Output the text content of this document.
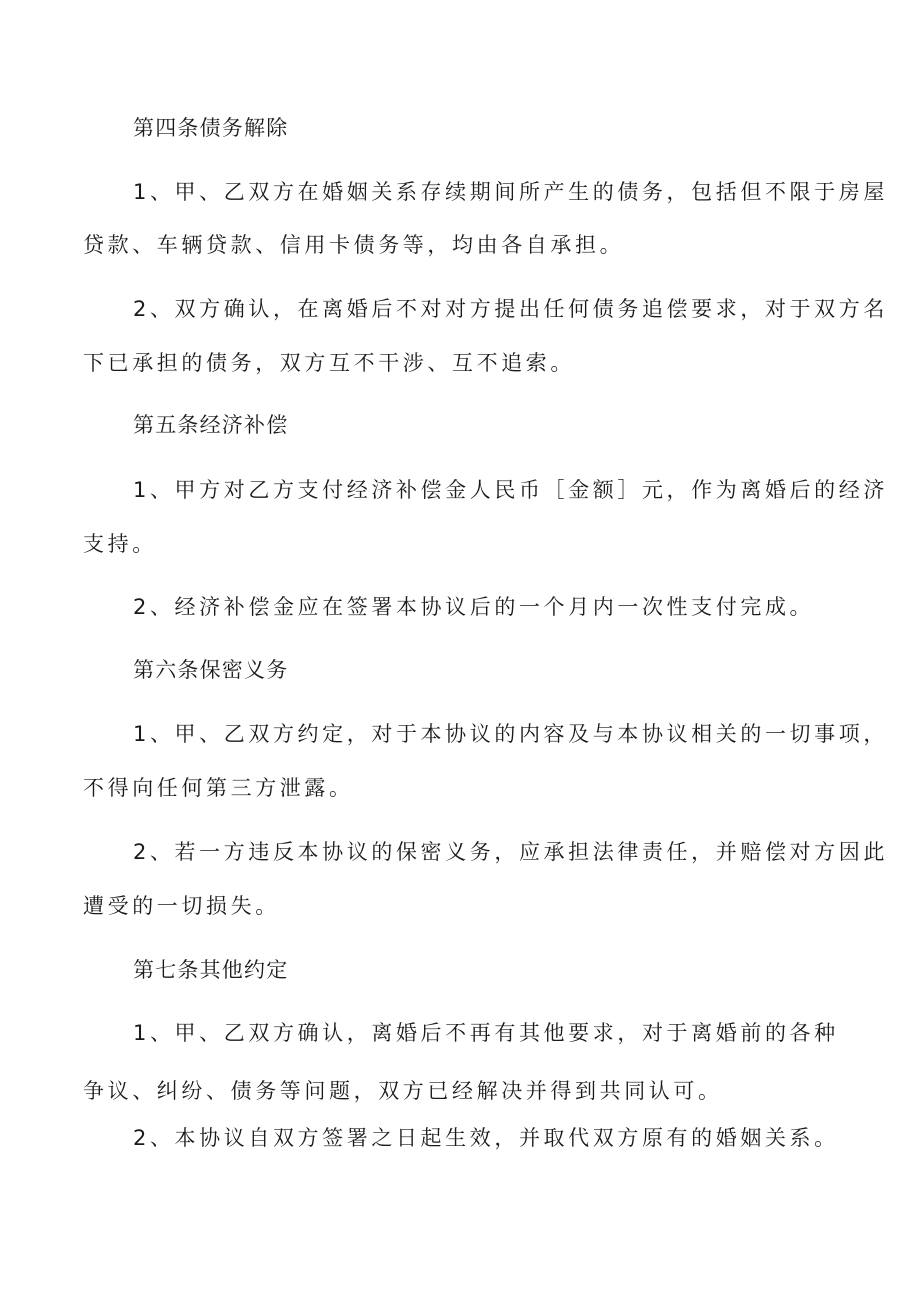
第四条债务解除
1、甲、乙双方在婚姻关系存续期间所产生的债务，包括但不限于房屋
贷款、车辆贷款、信用卡债务等，均由各自承担。
2、双方确认，在离婚后不对对方提出任何债务追偿要求，对于双方名
下已承担的债务，双方互不干涉、互不追索。
第五条经济补偿
1、甲方对乙方支付经济补偿金人民币［金额］元，作为离婚后的经济
支持。
2、经济补偿金应在签署本协议后的一个月内一次性支付完成。
第六条保密义务
1、甲、乙双方约定，对于本协议的内容及与本协议相关的一切事项，
不得向任何第三方泄露。
2、若一方违反本协议的保密义务，应承担法律责任，并赔偿对方因此
遭受的一切损失。
第七条其他约定
1、甲、乙双方确认，离婚后不再有其他要求，对于离婚前的各种
争议、纠纷、债务等问题，双方已经解决并得到共同认可。
2、本协议自双方签署之日起生效，并取代双方原有的婚姻关系。
